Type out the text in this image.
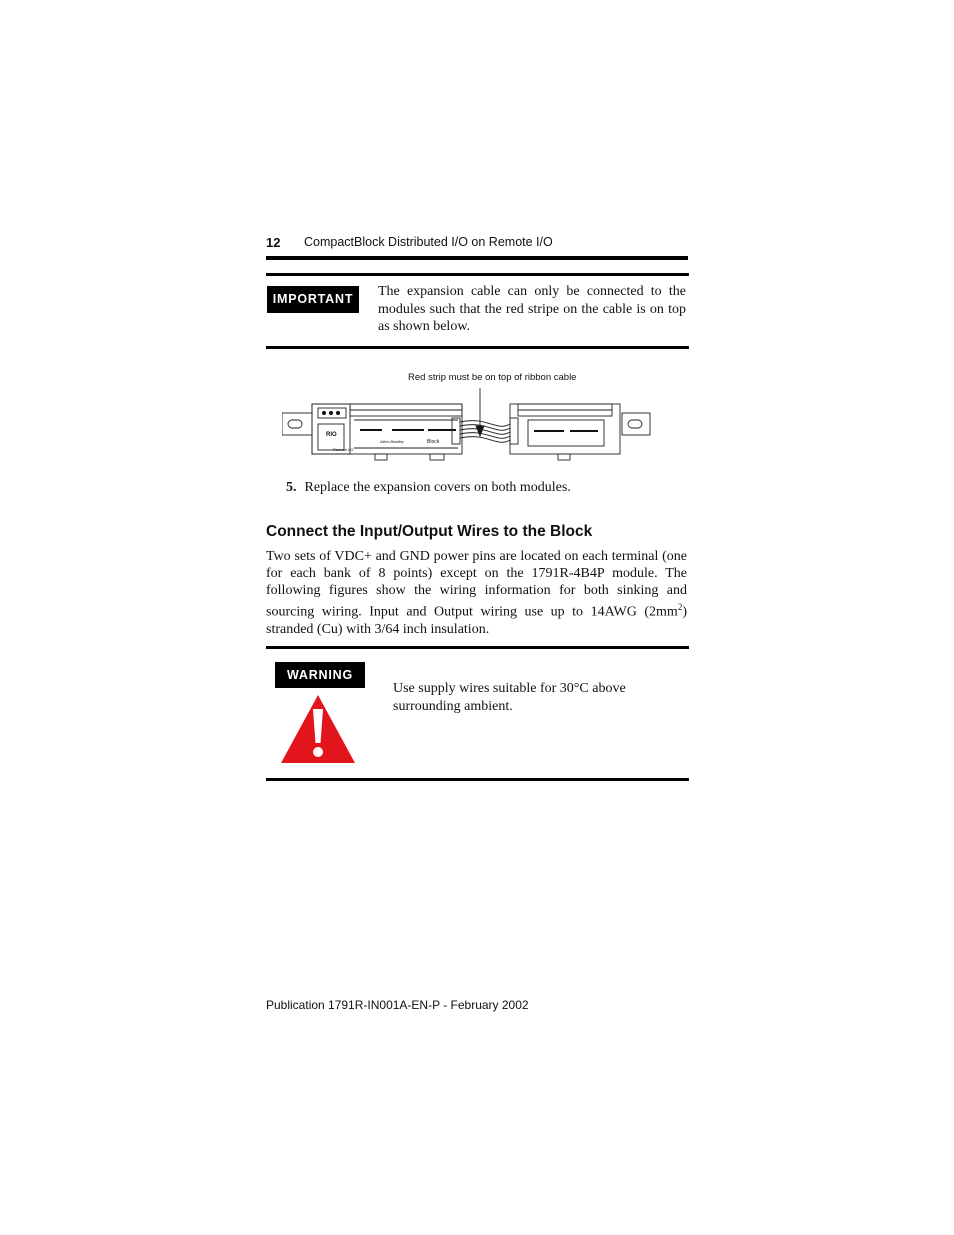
12 CompactBlock Distributed I/O on Remote I/O
IMPORTANT	The expansion cable can only be connected to the modules such that the red stripe on the cable is on top as shown below.
Red strip must be on top of ribbon cable
Block
Allen-Bradley
Remote I/O
RIO
5. Replace the expansion covers on both modules.
Connect the Input/Output Wires to the Block
Two sets of VDC+ and GND power pins are located on each terminal (one for each bank of 8 points) except on the 1791R-4B4P module. The following figures show the wiring information for both sinking and sourcing wiring. Input and Output wiring use up to 14AWG $(2mm^2)$ stranded (Cu) with 3/64 inch insulation.
WARNING
Use supply wires suitable for 30°C above surrounding ambient.
Publication 1791R-IN001A-EN-P - February 2002
